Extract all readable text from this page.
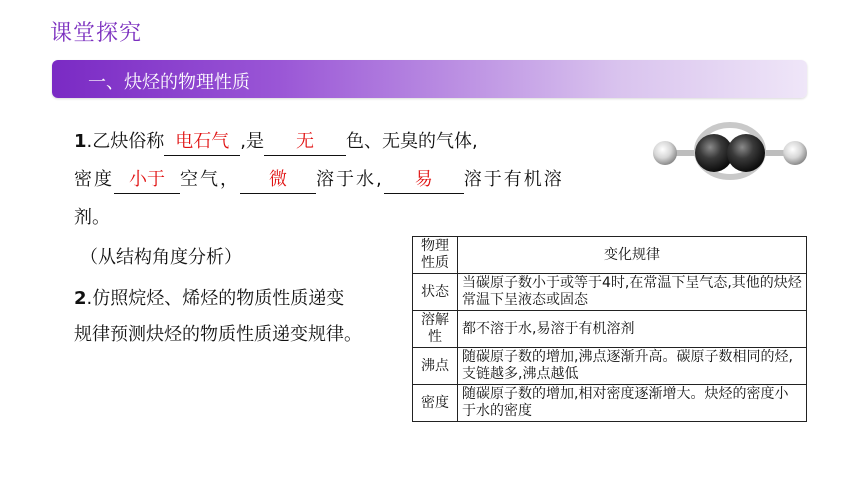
课堂探究
一、炔烃的物理性质
1.乙炔俗称 电石气 ,是 无 色、无臭的气体,
密度 小于 空气， 微 溶于水, 易 溶于有机溶
剂。
（从结构角度分析）
2.仿照烷烃、烯烃的物质性质递变
规律预测炔烃的物质性质递变规律。
物理性质	变化规律
状态	当碳原子数小于或等于4时,在常温下呈气态,其他的炔烃常温下呈液态或固态
溶解性	都不溶于水,易溶于有机溶剂
沸点	随碳原子数的增加,沸点逐渐升高。碳原子数相同的烃,支链越多,沸点越低
密度	随碳原子数的增加,相对密度逐渐增大。炔烃的密度小于水的密度
